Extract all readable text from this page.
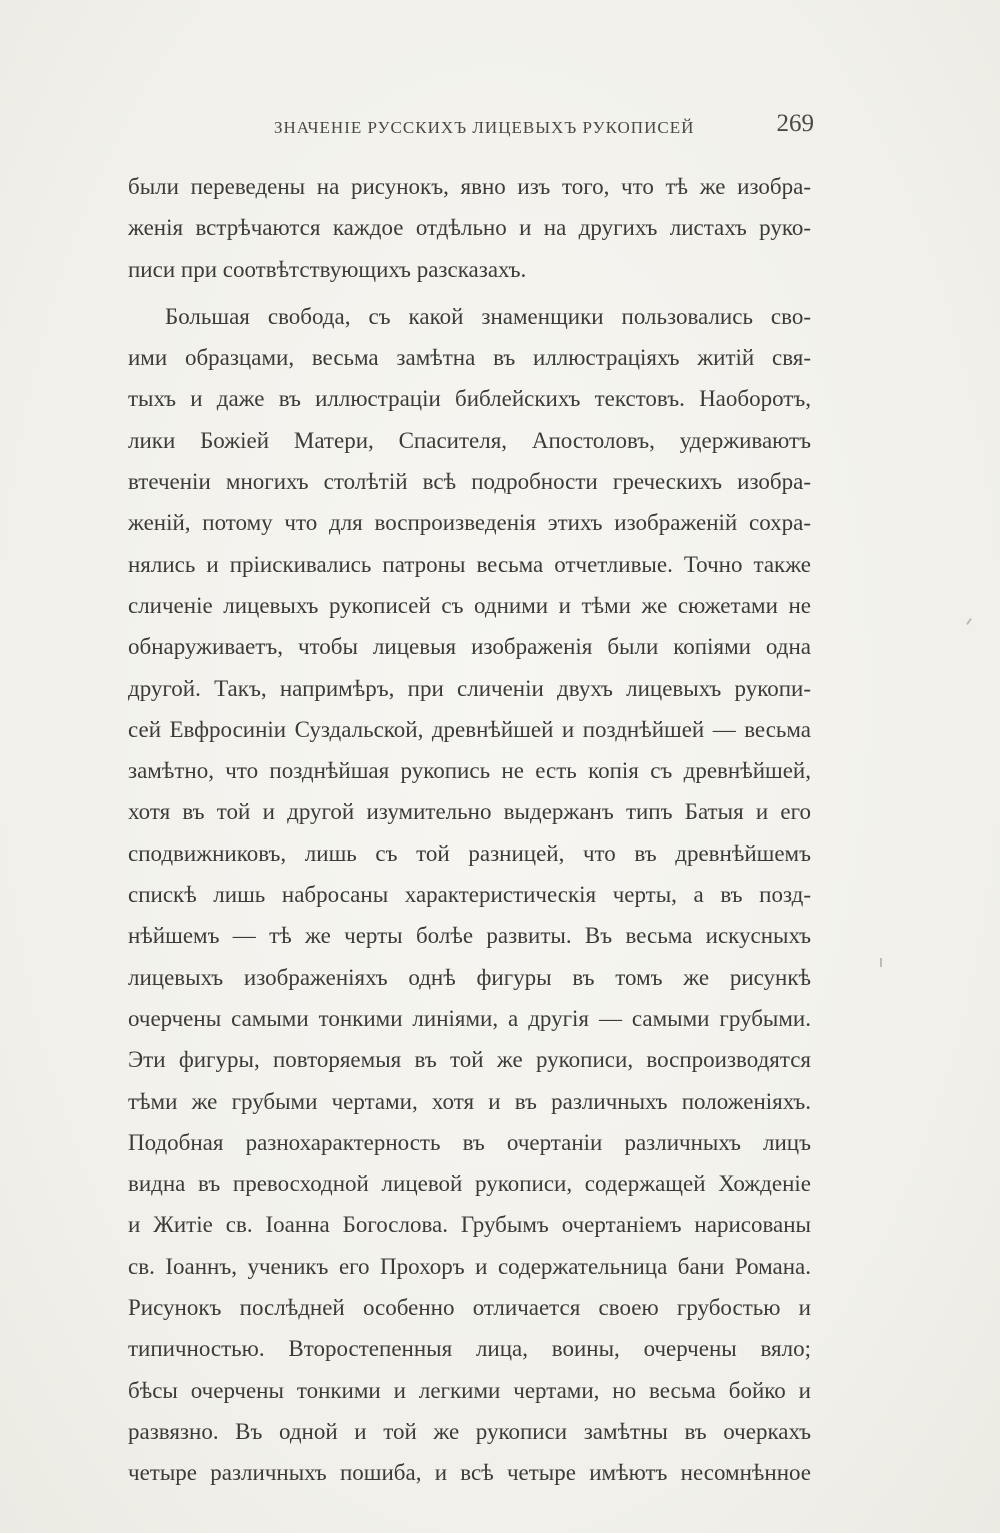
ЗНАЧЕНІЕ РУССКИХЪ ЛИЦЕВЫХЪ РУКОПИСЕЙ	269
были переведены на рисунокъ, явно изъ того, что тѣ же изобра-
женія встрѣчаются каждое отдѣльно и на другихъ листахъ руко-
писи при соотвѣтствующихъ разсказахъ.
Большая свобода, съ какой знаменщики пользовались сво-
ими образцами, весьма замѣтна въ иллюстраціяхъ житій свя-
тыхъ и даже въ иллюстраціи библейскихъ текстовъ. Наоборотъ,
лики Божіей Матери, Спасителя, Апостоловъ, удерживаютъ
втеченіи многихъ столѣтій всѣ подробности греческихъ изобра-
женій, потому что для воспроизведенія этихъ изображеній сохра-
нялись и пріискивались патроны весьма отчетливые. Точно также
сличеніе лицевыхъ рукописей съ одними и тѣми же сюжетами не
обнаруживаетъ, чтобы лицевыя изображенія были копіями одна
другой. Такъ, напримѣръ, при сличеніи двухъ лицевыхъ рукопи-
сей Евфросиніи Суздальской, древнѣйшей и позднѣйшей — весьма
замѣтно, что позднѣйшая рукопись не есть копія съ древнѣйшей,
хотя въ той и другой изумительно выдержанъ типъ Батыя и его
сподвижниковъ, лишь съ той разницей, что въ древнѣйшемъ
спискѣ лишь набросаны характеристическія черты, а въ позд-
нѣйшемъ — тѣ же черты болѣе развиты. Въ весьма искусныхъ
лицевыхъ изображеніяхъ однѣ фигуры въ томъ же рисункѣ
очерчены самыми тонкими линіями, а другія — самыми грубыми.
Эти фигуры, повторяемыя въ той же рукописи, воспроизводятся
тѣми же грубыми чертами, хотя и въ различныхъ положеніяхъ.
Подобная разнохарактерность въ очертаніи различныхъ лицъ
видна въ превосходной лицевой рукописи, содержащей Хожденіе
и Житіе св. Іоанна Богослова. Грубымъ очертаніемъ нарисованы
св. Іоаннъ, ученикъ его Прохоръ и содержательница бани Романа.
Рисунокъ послѣдней особенно отличается своею грубостью и
типичностью. Второстепенныя лица, воины, очерчены вяло;
бѣсы очерчены тонкими и легкими чертами, но весьма бойко и
развязно. Въ одной и той же рукописи замѣтны въ очеркахъ
четыре различныхъ пошиба, и всѣ четыре имѣютъ несомнѣнное
